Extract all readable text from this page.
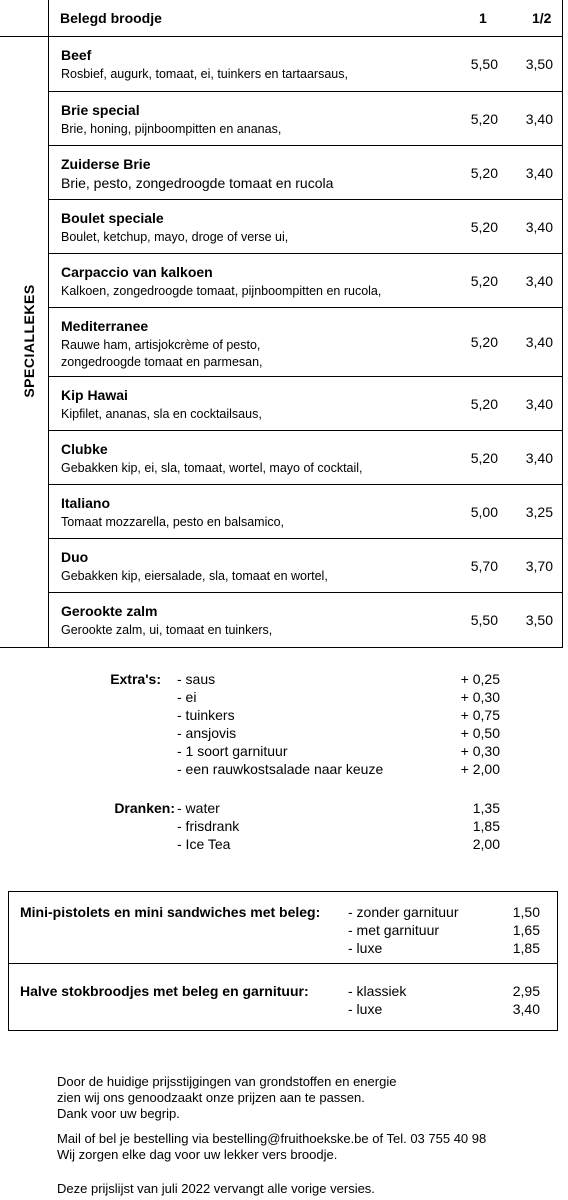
Belegd broodje	1	1/2
SPECIALLEKES
Beef
Rosbief, augurk, tomaat, ei, tuinkers en tartaarsaus,
5,50	3,50
Brie special
Brie, honing, pijnboompitten en ananas,
5,20	3,40
Zuiderse Brie
Brie, pesto, zongedroogde tomaat en rucola
5,20	3,40
Boulet speciale
Boulet, ketchup, mayo, droge of verse ui,
5,20	3,40
Carpaccio van kalkoen
Kalkoen, zongedroogde tomaat, pijnboompitten en rucola,
5,20	3,40
Mediterranee
Rauwe ham, artisjokcrème of pesto,
zongedroogde tomaat en parmesan,
5,20	3,40
Kip Hawai
Kipfilet, ananas, sla en cocktailsaus,
5,20	3,40
Clubke
Gebakken kip, ei, sla, tomaat, wortel, mayo of cocktail,
5,20	3,40
Italiano
Tomaat mozzarella, pesto en balsamico,
5,00	3,25
Duo
Gebakken kip, eiersalade, sla, tomaat en wortel,
5,70	3,70
Gerookte zalm
Gerookte zalm, ui, tomaat en tuinkers,
5,50	3,50
Extra's: - saus	+ 0,25
- ei	+ 0,30
- tuinkers	+ 0,75
- ansjovis	+ 0,50
- 1 soort garnituur	+ 0,30
- een rauwkostsalade naar keuze	+ 2,00
Dranken: - water	1,35
- frisdrank	1,85
- Ice Tea	2,00
Mini-pistolets en mini sandwiches met beleg: - zonder garnituur	1,50
- met garnituur	1,65
- luxe	1,85
Halve stokbroodjes met beleg en garnituur:	- klassiek	2,95
- luxe	3,40
Door de huidige prijsstijgingen van grondstoffen en energie
zien wij ons genoodzaakt onze prijzen aan te passen.
Dank voor uw begrip.
Mail of bel je bestelling via bestelling@fruithoekske.be of Tel. 03 755 40 98
Wij zorgen elke dag voor uw lekker vers broodje.
Deze prijslijst van juli 2022 vervangt alle vorige versies.
